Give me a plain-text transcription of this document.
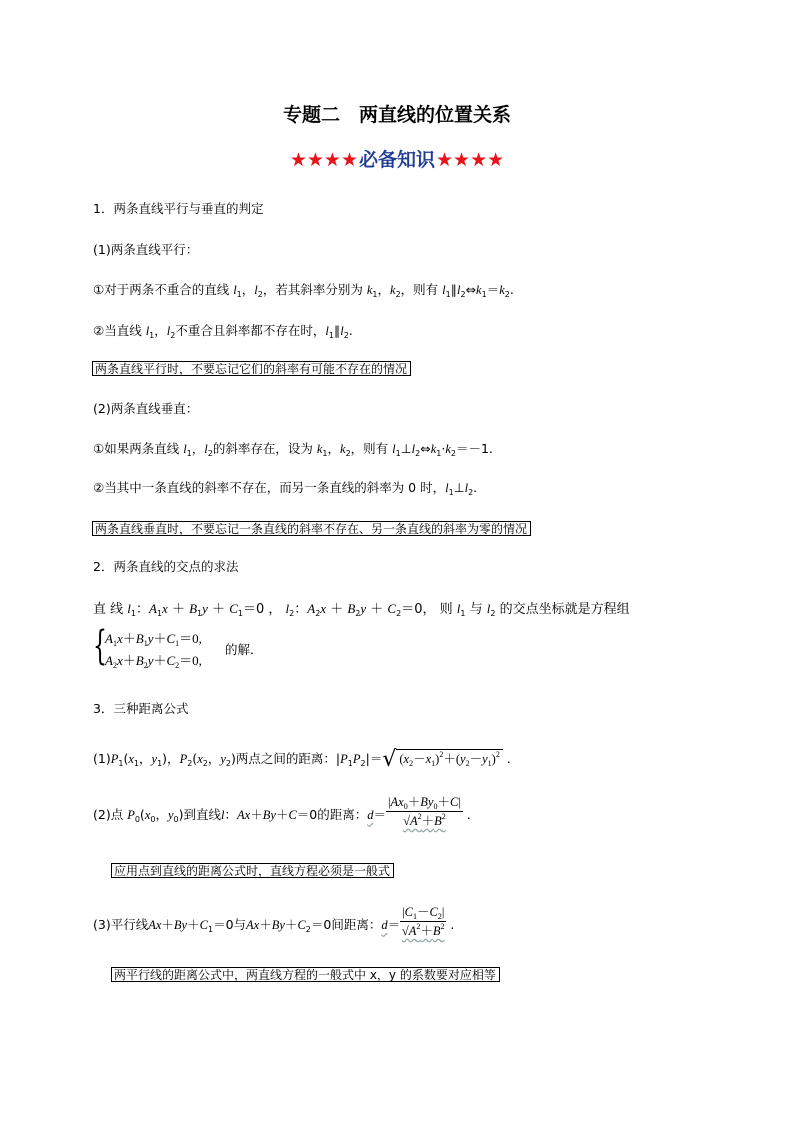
专题二　两直线的位置关系
★★★★必备知识★★★★
1．两条直线平行与垂直的判定
(1)两条直线平行：
①对于两条不重合的直线 $l_1$，$l_2$，若其斜率分别为 $k_1$，$k_2$，则有 $l_1\parallel l_2\Leftrightarrow k_1=k_2$.
②当直线 $l_1$，$l_2$不重合且斜率都不存在时，$l_1\parallel l_2$.
两条直线平行时，不要忘记它们的斜率有可能不存在的情况
(2)两条直线垂直：
①如果两条直线 $l_1$，$l_2$的斜率存在，设为 $k_1$，$k_2$，则有 $l_1\perp l_2\Leftrightarrow k_1\cdot k_2=-1$.
②当其中一条直线的斜率不存在，而另一条直线的斜率为 0 时，$l_1\perp l_2$.
两条直线垂直时，不要忘记一条直线的斜率不存在、另一条直线的斜率为零的情况
2．两条直线的交点的求法
直 线 $l_1$：$A_1x + B_1y + C_1=0$ ， $l_2$：$A_2x + B_2y + C_2=0$， 则 $l_1$ 与 $l_2$ 的交点坐标就是方程组
{
$A_1x+B_1y+C_1=0$,
$A_2x+B_2y+C_2=0$,
的解．
3．三种距离公式
$(1)P_1(x_1$，$y_1$)，$P_2(x_2$，$y_2$)两点之间的距离：$|P_1P_2|=√$ $(x_2-x_1)^2+(y_2-y_1)^2$ .
(2)点 $P_0(x_0$，$y_0$)到直线l：Ax＋By＋C＝0的距离：$d= \frac{|Ax_0+By_0+C|}{√A^2+B^2}$ .
应用点到直线的距离公式时，直线方程必须是一般式
(3)平行线$Ax+By+C_1=0$与$Ax+By+C_2=0$间距离：$d= \frac{|C_1-C_2|}{√A^2+B^2}$ .
两平行线的距离公式中，两直线方程的一般式中 x，y 的系数要对应相等
